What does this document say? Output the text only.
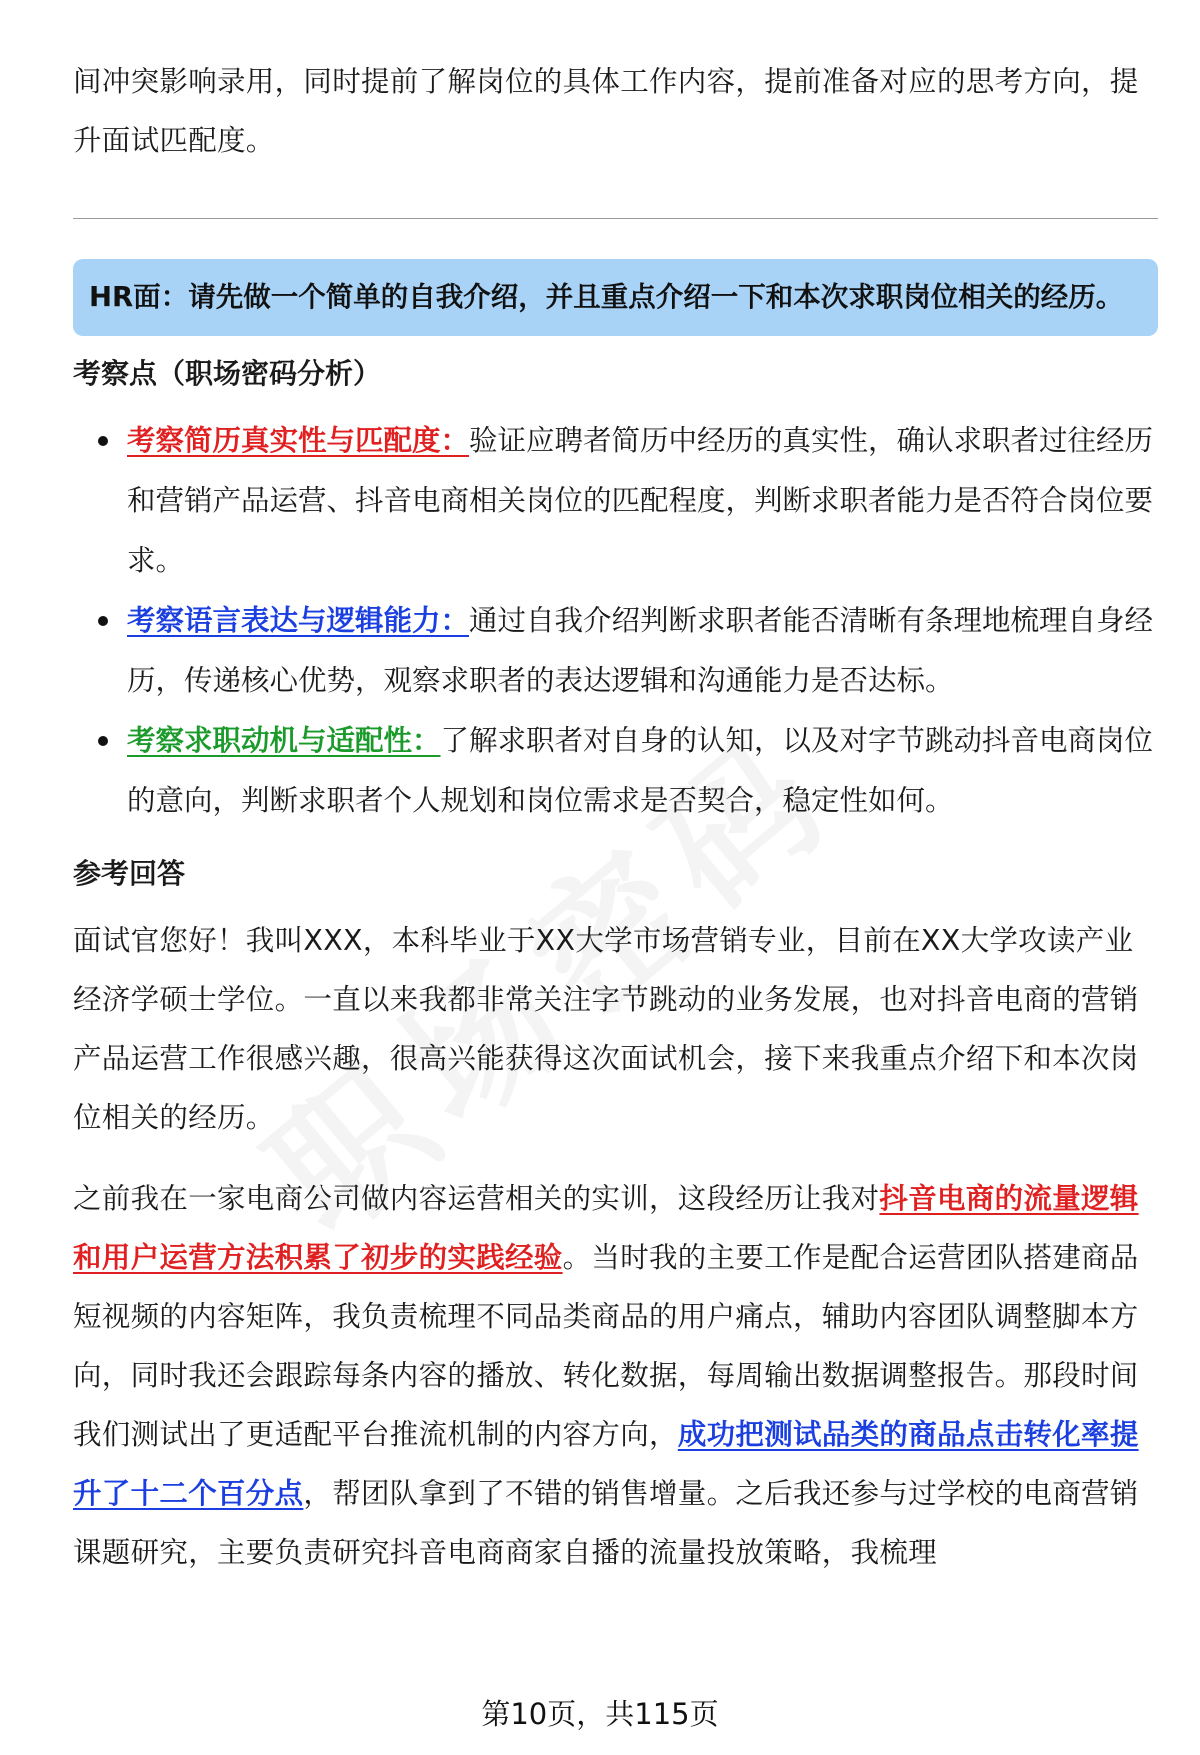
间冲突影响录用，同时提前了解岗位的具体工作内容，提前准备对应的思考方向，提升面试匹配度。

HR面：请先做一个简单的自我介绍，并且重点介绍一下和本次求职岗位相关的经历。
考察点（职场密码分析）
考察简历真实性与匹配度：验证应聘者简历中经历的真实性，确认求职者过往经历和营销产品运营、抖音电商相关岗位的匹配程度，判断求职者能力是否符合岗位要求。
考察语言表达与逻辑能力：通过自我介绍判断求职者能否清晰有条理地梳理自身经历，传递核心优势，观察求职者的表达逻辑和沟通能力是否达标。
考察求职动机与适配性：了解求职者对自身的认知，以及对字节跳动抖音电商岗位的意向，判断求职者个人规划和岗位需求是否契合，稳定性如何。
参考回答

面试官您好！我叫XXX，本科毕业于XX大学市场营销专业，目前在XX大学攻读产业经济学硕士学位。一直以来我都非常关注字节跳动的业务发展，也对抖音电商的营销产品运营工作很感兴趣，很高兴能获得这次面试机会，接下来我重点介绍下和本次岗位相关的经历。

之前我在一家电商公司做内容运营相关的实训，这段经历让我对抖音电商的流量逻辑和用户运营方法积累了初步的实践经验。当时我的主要工作是配合运营团队搭建商品短视频的内容矩阵，我负责梳理不同品类商品的用户痛点，辅助内容团队调整脚本方向，同时我还会跟踪每条内容的播放、转化数据，每周输出数据调整报告。那段时间我们测试出了更适配平台推流机制的内容方向，成功把测试品类的商品点击转化率提升了十二个百分点，帮团队拿到了不错的销售增量。之后我还参与过学校的电商营销课题研究，主要负责研究抖音电商商家自播的流量投放策略，我梳理

第10页，共115页
